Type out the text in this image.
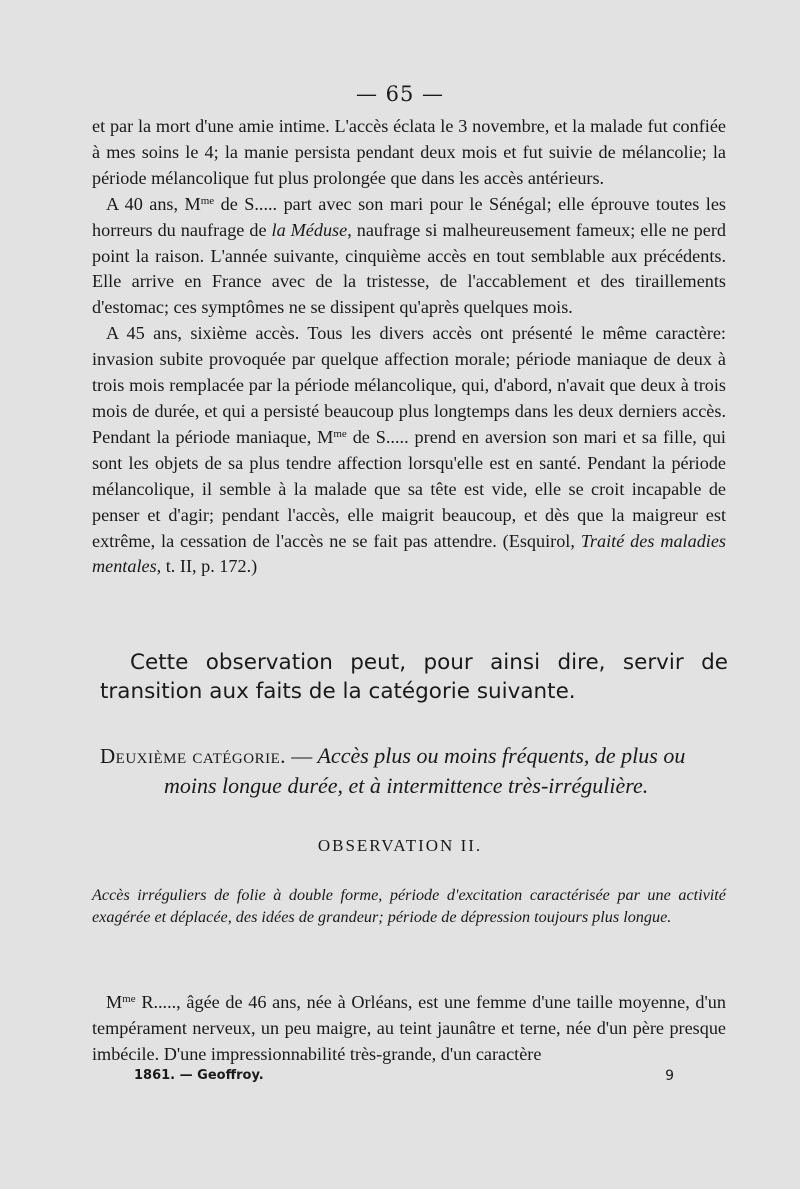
— 65 —

et par la mort d'une amie intime. L'accès éclata le 3 novembre, et la malade fut confiée à mes soins le 4; la manie persista pendant deux mois et fut suivie de mélancolie; la période mélancolique fut plus prolongée que dans les accès antérieurs.

A 40 ans, $M^{me}$ de S..... part avec son mari pour le Sénégal; elle éprouve toutes les horreurs du naufrage de la Méduse, naufrage si malheureusement fameux; elle ne perd point la raison. L'année suivante, cinquième accès en tout semblable aux précédents. Elle arrive en France avec de la tristesse, de l'accablement et des tiraillements d'estomac; ces symptômes ne se dissipent qu'après quelques mois.

A 45 ans, sixième accès. Tous les divers accès ont présenté le même caractère: invasion subite provoquée par quelque affection morale; période maniaque de deux à trois mois remplacée par la période mélancolique, qui, d'abord, n'avait que deux à trois mois de durée, et qui a persisté beaucoup plus longtemps dans les deux derniers accès. Pendant la période maniaque, $M^{me}$ de S..... prend en aversion son mari et sa fille, qui sont les objets de sa plus tendre affection lorsqu'elle est en santé. Pendant la période mélancolique, il semble à la malade que sa tête est vide, elle se croit incapable de penser et d'agir; pendant l'accès, elle maigrit beaucoup, et dès que la maigreur est extrême, la cessation de l'accès ne se fait pas attendre. (Esquirol, Traité des maladies mentales, t. II, p. 172.)

Cette observation peut, pour ainsi dire, servir de transition aux faits de la catégorie suivante.
Deuxième catégorie. — Accès plus ou moins fréquents, de plus ou
moins longue durée, et à intermittence très-irrégulière.
OBSERVATION II.
Accès irréguliers de folie à double forme, période d'excitation caractérisée par une activité exagérée et déplacée, des idées de grandeur; période de dépression toujours plus longue.

$M^{me}$ R....., âgée de 46 ans, née à Orléans, est une femme d'une taille moyenne, d'un tempérament nerveux, un peu maigre, au teint jaunâtre et terne, née d'un père presque imbécile. D'une impressionnabilité très-grande, d'un caractère

9
1861. — Geoffroy.
